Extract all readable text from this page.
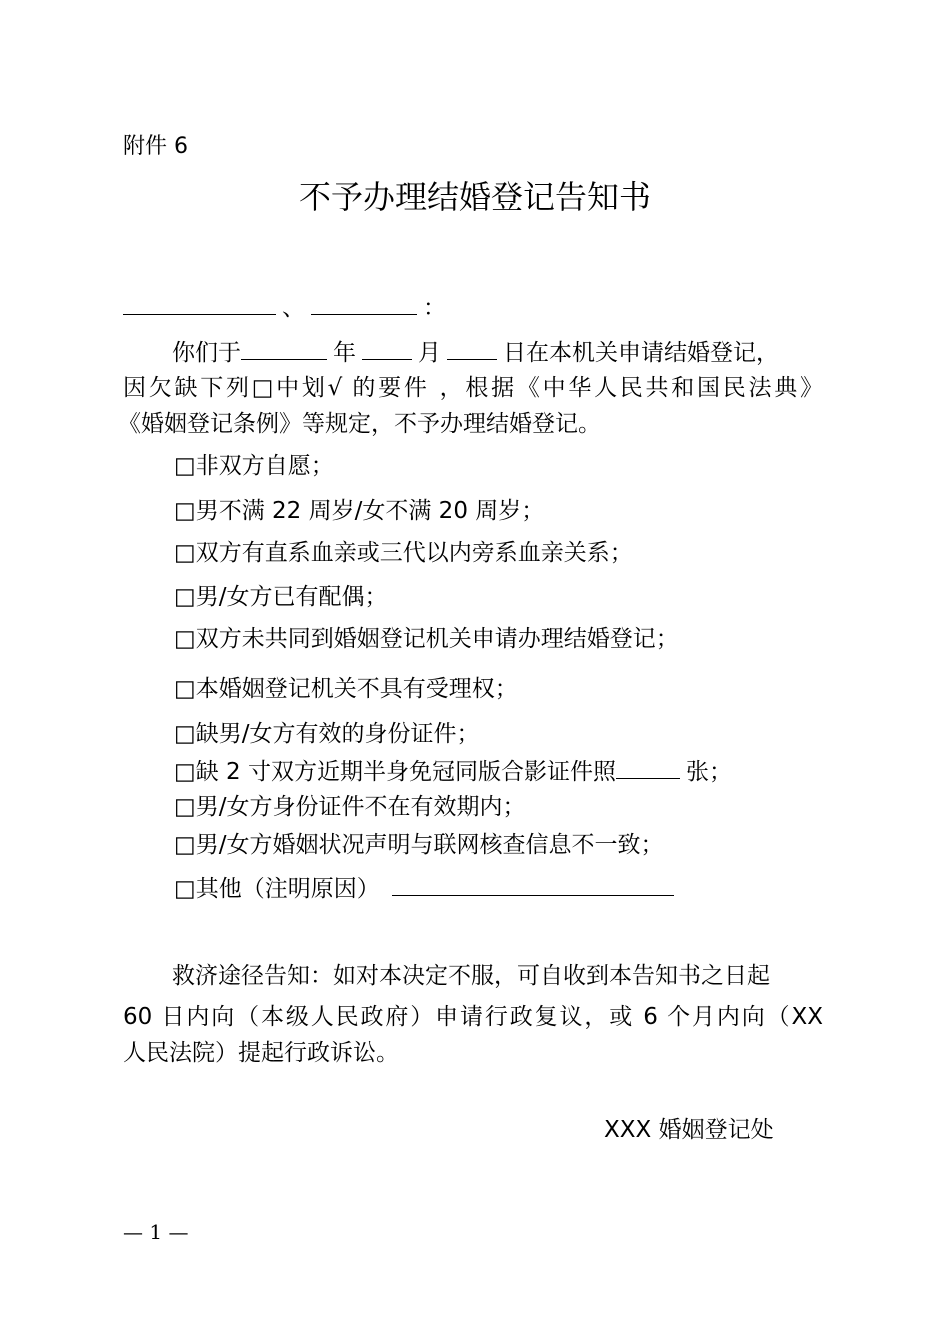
附件 6
不予办理结婚登记告知书
、	：
你们于	年	月	日在本机关申请结婚登记，
因欠缺下列□中划√ 的要件 ，根据《中华人民共和国民法典》
《婚姻登记条例》等规定，不予办理结婚登记。
□非双方自愿；
□男不满 22 周岁/女不满 20 周岁；
□双方有直系血亲或三代以内旁系血亲关系；
□男/女方已有配偶；
□双方未共同到婚姻登记机关申请办理结婚登记；
□本婚姻登记机关不具有受理权；
□缺男/女方有效的身份证件；
□缺 2 寸双方近期半身免冠同版合影证件照	张；
□男/女方身份证件不在有效期内；
□男/女方婚姻状况声明与联网核查信息不一致；
□其他（注明原因）
救济途径告知：如对本决定不服，可自收到本告知书之日起
60 日内向（本级人民政府）申请行政复议，或 6 个月内向（XX
人民法院）提起行政诉讼。
XXX 婚姻登记处
— 1 —
